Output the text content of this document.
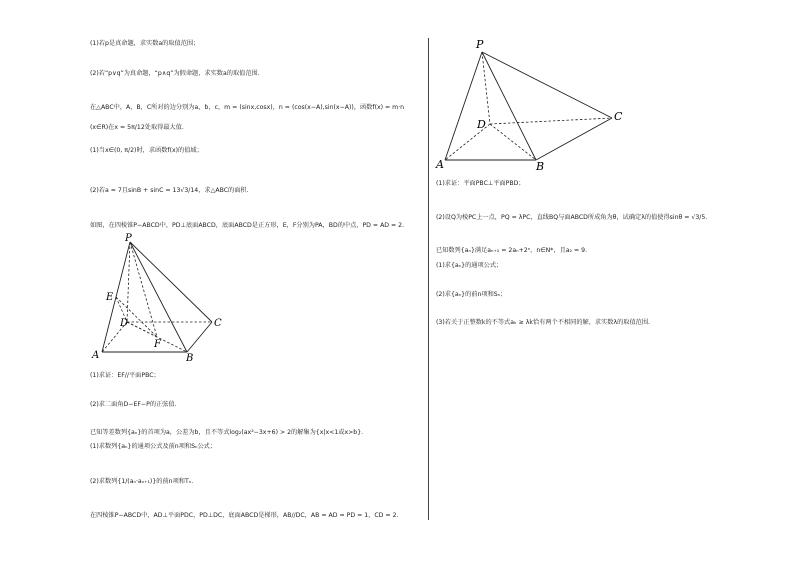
(1)若p是真命题，求实数a的取值范围；
(2)若“p∨q”为真命题，“p∧q”为假命题，求实数a的取值范围.
在△ABC中，A，B，C所对的边分别为a，b，c，m = (sinx,cosx)，n = (cos(x−A),sin(x−A))，函数f(x) = m·n
(x∈R)在x = 5π/12处取得最大值.
(1)当x∈(0, π/2)时，求函数f(x)的值域；
(2)若a = 7且sinB + sinC = 13√3/14，求△ABC的面积.
如图，在四棱锥P−ABCD中，PD⊥底面ABCD，底面ABCD是正方形，E，F分别为PA，BD的中点，PD = AD = 2.
P
E
D
F
C
A	B
(1)求证：EF//平面PBC；
(2)求二面角D−EF−P的正弦值.
已知等差数列{aₙ}的首项为a，公差为b，且不等式log₂(ax²−3x+6) > 2的解集为{x|x<1或x>b}.
(1)求数列{aₙ}的通项公式及前n项和Sₙ公式；
(2)求数列{1/(aₙ·aₙ₊₁)}的前n项和Tₙ.
在四棱锥P−ABCD中，AD⊥平面PDC，PD⊥DC，底面ABCD是梯形，AB//DC，AB = AD = PD = 1，CD = 2.
P
D
C
A	B
(1)求证：平面PBC⊥平面PBD；
(2)设Q为棱PC上一点，PQ = λPC，直线BQ与面ABCD所成角为θ，试确定λ的值使得sinθ = √3/5.
已知数列{aₙ}满足aₙ₊₁ = 2aₙ+2ⁿ，n∈N*，且a₂ = 9.
(1)求{aₙ}的通项公式；
(2)求{aₙ}的前n项和Sₙ；
(3)若关于正整数k的不等式aₖ ≥ λk恰有两个不相同的解，求实数λ的取值范围.
